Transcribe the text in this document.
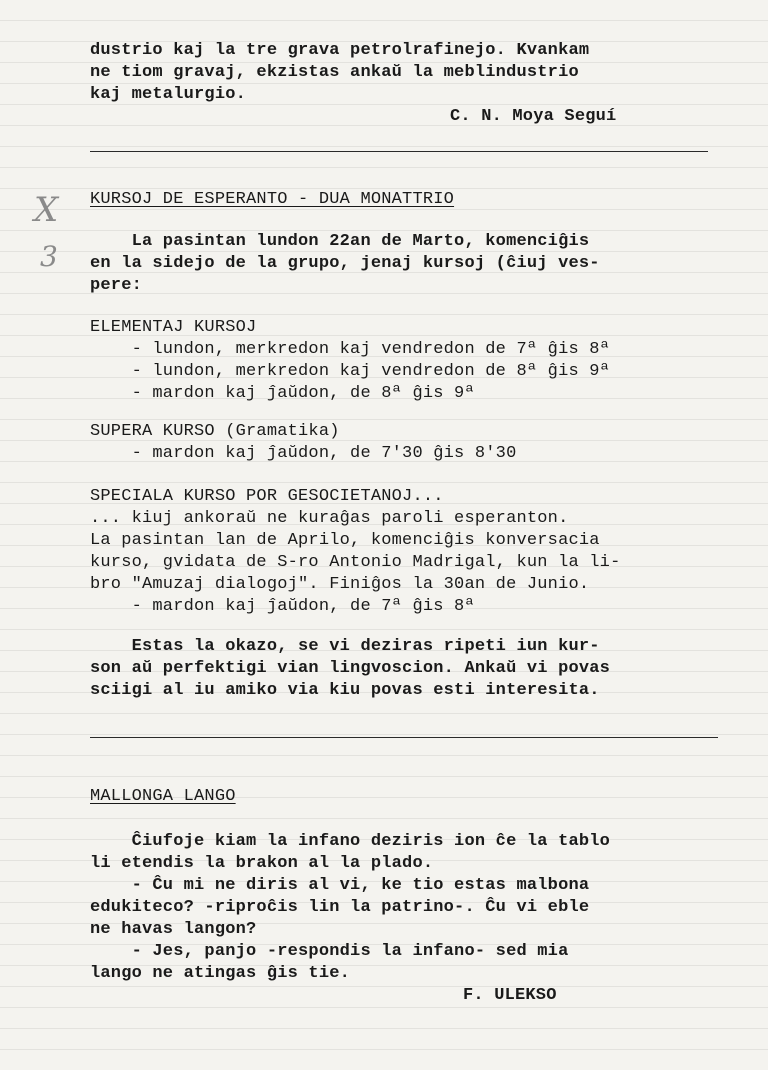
dustrio kaj la tre grava petrolrafinejo. Kvankam
ne tiom gravaj, ekzistas ankaŭ la meblindustrio
kaj metalurgio.
C. N. Moya Seguí
X
3
KURSOJ DE ESPERANTO - DUA MONATTRIO
La pasintan lundon 22an de Marto, komenciĝis
en la sidejo de la grupo, jenaj kursoj (ĉiuj ves-
pere:
ELEMENTAJ KURSOJ
- lundon, merkredon kaj vendredon de 7ª ĝis 8ª
- lundon, merkredon kaj vendredon de 8ª ĝis 9ª
- mardon kaj ĵaŭdon, de 8ª ĝis 9ª
SUPERA KURSO (Gramatika)
- mardon kaj ĵaŭdon, de 7'30 ĝis 8'30
SPECIALA KURSO POR GESOCIETANOJ...
... kiuj ankoraŭ ne kuraĝas paroli esperanton.
La pasintan lan de Aprilo, komenciĝis konversacia
kurso, gvidata de S-ro Antonio Madrigal, kun la li-
bro "Amuzaj dialogoj". Finiĝos la 30an de Junio.
- mardon kaj ĵaŭdon, de 7ª ĝis 8ª
Estas la okazo, se vi deziras ripeti iun kur-
son aŭ perfektigi vian lingvoscion. Ankaŭ vi povas
sciigi al iu amiko via kiu povas esti interesita.
MALLONGA LANGO
Ĉiufoje kiam la infano deziris ion ĉe la tablo
li etendis la brakon al la plado.
- Ĉu mi ne diris al vi, ke tio estas malbona
edukiteco? -riproĉis lin la patrino-. Ĉu vi eble
ne havas langon?
- Jes, panjo -respondis la infano- sed mia
lango ne atingas ĝis tie.
F. ULEKSO
